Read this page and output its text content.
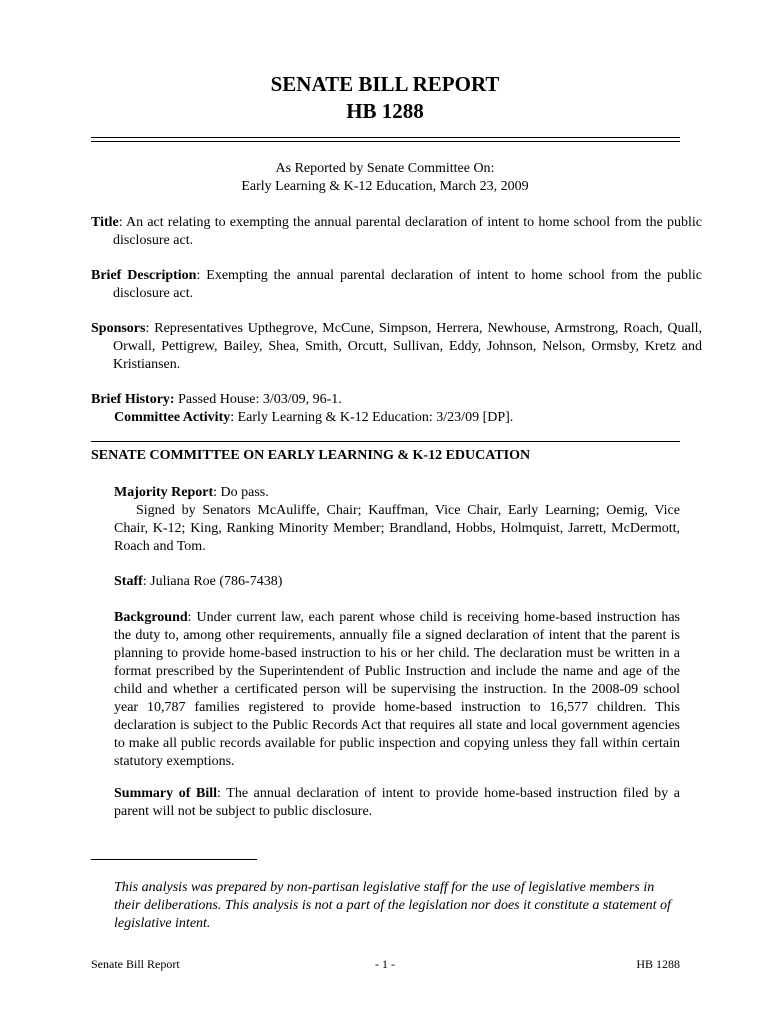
SENATE BILL REPORT
HB 1288
As Reported by Senate Committee On:
Early Learning & K-12 Education, March 23, 2009
Title: An act relating to exempting the annual parental declaration of intent to home school from the public disclosure act.
Brief Description: Exempting the annual parental declaration of intent to home school from the public disclosure act.
Sponsors: Representatives Upthegrove, McCune, Simpson, Herrera, Newhouse, Armstrong, Roach, Quall, Orwall, Pettigrew, Bailey, Shea, Smith, Orcutt, Sullivan, Eddy, Johnson, Nelson, Ormsby, Kretz and Kristiansen.
Brief History: Passed House: 3/03/09, 96-1.
Committee Activity: Early Learning & K-12 Education: 3/23/09 [DP].
SENATE COMMITTEE ON EARLY LEARNING & K-12 EDUCATION
Majority Report: Do pass.
Signed by Senators McAuliffe, Chair; Kauffman, Vice Chair, Early Learning; Oemig, Vice Chair, K-12; King, Ranking Minority Member; Brandland, Hobbs, Holmquist, Jarrett, McDermott, Roach and Tom.
Staff: Juliana Roe (786-7438)
Background: Under current law, each parent whose child is receiving home-based instruction has the duty to, among other requirements, annually file a signed declaration of intent that the parent is planning to provide home-based instruction to his or her child. The declaration must be written in a format prescribed by the Superintendent of Public Instruction and include the name and age of the child and whether a certificated person will be supervising the instruction. In the 2008-09 school year 10,787 families registered to provide home-based instruction to 16,577 children. This declaration is subject to the Public Records Act that requires all state and local government agencies to make all public records available for public inspection and copying unless they fall within certain statutory exemptions.
Summary of Bill: The annual declaration of intent to provide home-based instruction filed by a parent will not be subject to public disclosure.
This analysis was prepared by non-partisan legislative staff for the use of legislative members in their deliberations. This analysis is not a part of the legislation nor does it constitute a statement of legislative intent.
Senate Bill Report	- 1 -	HB 1288
